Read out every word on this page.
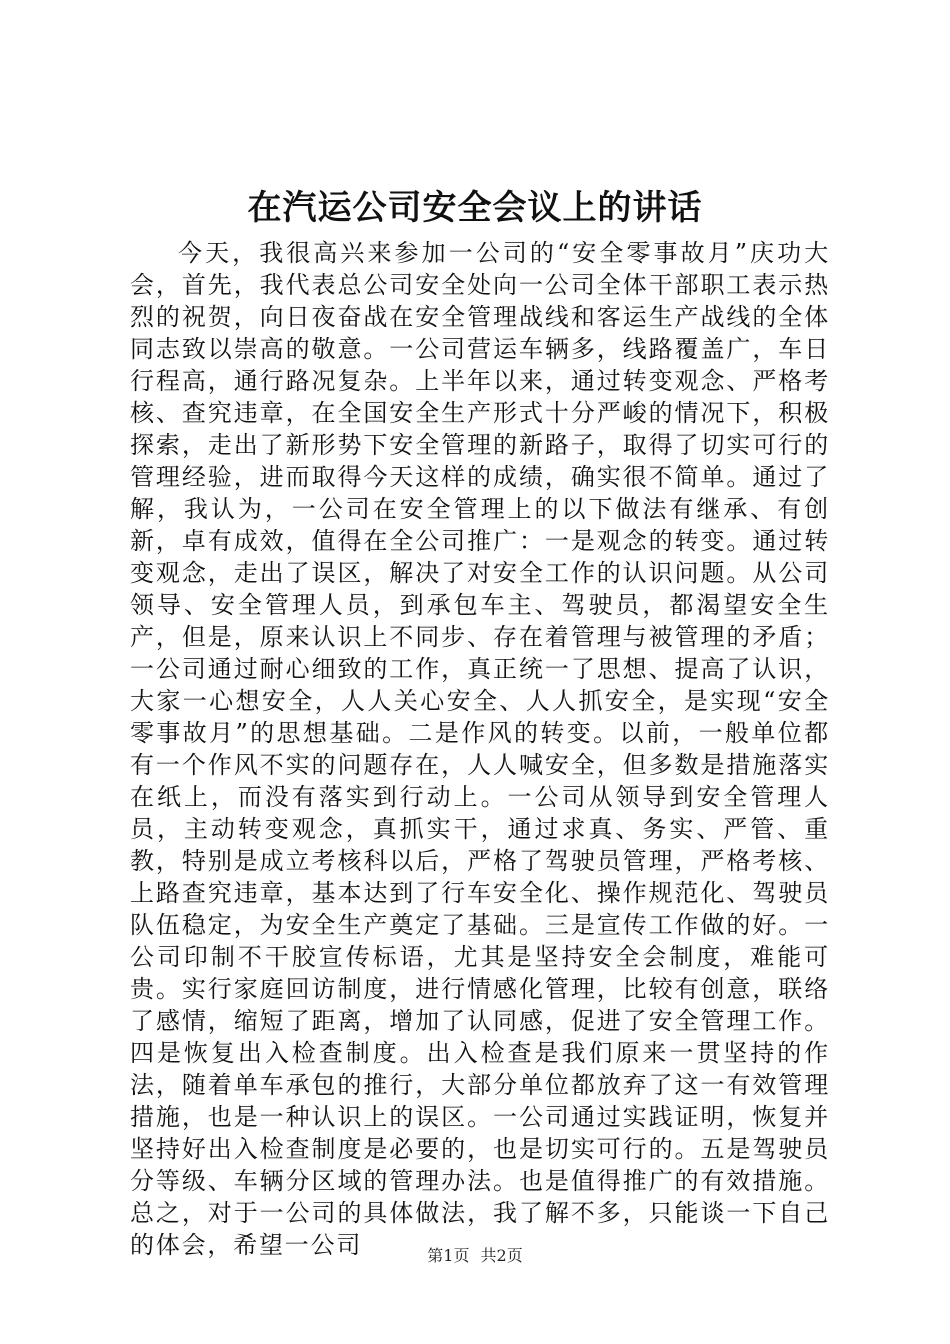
在汽运公司安全会议上的讲话

今天，我很高兴来参加一公司的“安全零事故月”庆功大会，首先，我代表总公司安全处向一公司全体干部职工表示热烈的祝贺，向日夜奋战在安全管理战线和客运生产战线的全体同志致以崇高的敬意。一公司营运车辆多，线路覆盖广，车日行程高，通行路况复杂。上半年以来，通过转变观念、严格考核、查究违章，在全国安全生产形式十分严峻的情况下，积极探索，走出了新形势下安全管理的新路子，取得了切实可行的管理经验，进而取得今天这样的成绩，确实很不简单。通过了解，我认为，一公司在安全管理上的以下做法有继承、有创新，卓有成效，值得在全公司推广：一是观念的转变。通过转变观念，走出了误区，解决了对安全工作的认识问题。从公司领导、安全管理人员，到承包车主、驾驶员，都渴望安全生产，但是，原来认识上不同步、存在着管理与被管理的矛盾；一公司通过耐心细致的工作，真正统一了思想、提高了认识，大家一心想安全，人人关心安全、人人抓安全，是实现“安全零事故月”的思想基础。二是作风的转变。以前，一般单位都有一个作风不实的问题存在，人人喊安全，但多数是措施落实在纸上，而没有落实到行动上。一公司从领导到安全管理人员，主动转变观念，真抓实干，通过求真、务实、严管、重教，特别是成立考核科以后，严格了驾驶员管理，严格考核、上路查究违章，基本达到了行车安全化、操作规范化、驾驶员队伍稳定，为安全生产奠定了基础。三是宣传工作做的好。一公司印制不干胶宣传标语，尤其是坚持安全会制度，难能可贵。实行家庭回访制度，进行情感化管理，比较有创意，联络了感情，缩短了距离，增加了认同感，促进了安全管理工作。四是恢复出入检查制度。出入检查是我们原来一贯坚持的作法，随着单车承包的推行，大部分单位都放弃了这一有效管理措施，也是一种认识上的误区。一公司通过实践证明，恢复并坚持好出入检查制度是必要的，也是切实可行的。五是驾驶员分等级、车辆分区域的管理办法。也是值得推广的有效措施。总之，对于一公司的具体做法，我了解不多，只能谈一下自己的体会，希望一公司	第1页 共2页
